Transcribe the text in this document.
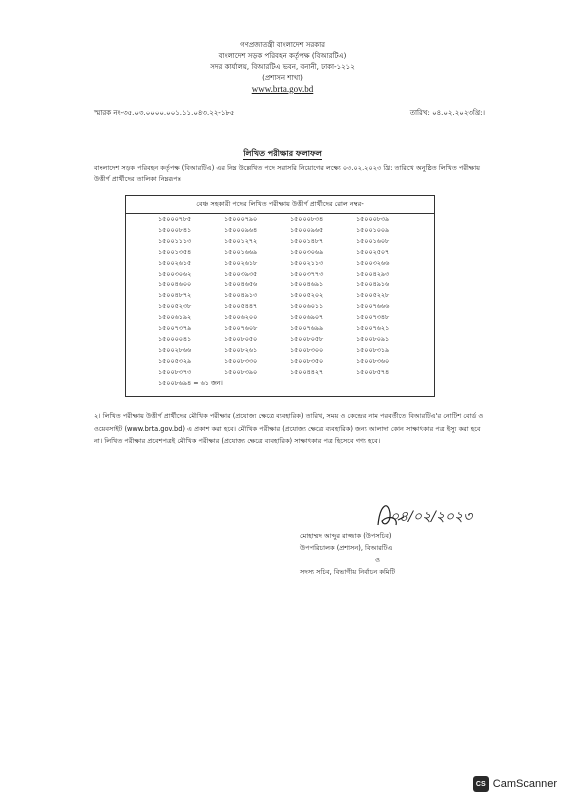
গণপ্রজাতন্ত্রী বাংলাদেশ সরকার
বাংলাদেশ সড়ক পরিবহন কর্তৃপক্ষ (বিআরটিএ)
সদর কার্যালয়, বিআরটিএ ভবন, বনানী, ঢাকা-১২১২
(প্রশাসন শাখা)
www.brta.gov.bd
স্মারক নং-৩৫.০৩.০০০০.০০১.১১.০৪৩.২২-১৮৫	তারিখ: ০৪.০২.২০২৩খ্রি:।
লিখিত পরীক্ষার ফলাফল
বাংলাদেশ সড়ক পরিবহন কর্তৃপক্ষ (বিআরটিএ) এর নিম্ন উল্লেখিত পদে সরাসরি নিয়োগের লক্ষ্যে ০৩.০২.২০২৩ খ্রি: তারিখে অনুষ্ঠিত লিখিত পরীক্ষায় উত্তীর্ণ প্রার্থীদের তালিকা নিম্নরূপঃ
বেঞ্চ সহকারী পদের লিখিত পরীক্ষায় উত্তীর্ণ প্রার্থীদের রোল নম্বর-
১৫০০০৭৮৫
১৫০০০৮৪১
১৫০০১১১৩
১৫০০১৩৫৪
১৫০০২৬১৫
১৫০০৩০৬২
১৫০০৪৬০০
১৫০০৪৮৭২
১৫০০৫২৩৮
১৫০০৬১৯২
১৫০০৭৩৭৯
১৫০০০০৪১
১৫০০২৮৬৬
১৫০০৫৩২৯
১৫০০৮৩৭৩
১৫০০৮৬৯৪ = ৬১ জন।
১৫০০০৭৯০
১৫০০০৯৬৪
১৫০০১২৭২
১৫০০১৬৬৯
১৫০০২৬১৮
১৫০০৩৯৩৫
১৫০০৪৬৫৬
১৫০০৪৯১৩
১৫০০৫৪৪৭
১৫০০৬২০০
১৫০০৭৬০৮
১৫০০৮০৫০
১৫০০৮২৬১
১৫০০৮৩৩০
১৫০০৮৩৯০
১৫০০০৮৩৪
১৫০০০৯৬৫
১৫০০১৪৮৭
১৫০০৩০৬৯
১৫০০২১১৩
১৫০০৩৭৭৩
১৫০০৪৬৯১
১৫০০৫২০২
১৫০০৬০১১
১৫০০৬৯০৭
১৫০০৭৬৯৯
১৫০০৮০৫৮
১৫০০৮৩০০
১৫০০৮৩৫০
১৫০০৪৪২৭
১৫০০০৮৩৯
১৫০০১০০৯
১৫০০১৬০৮
১৫০০২৫০৭
১৫০০৩২৬৬
১৫০০৪২৯৩
১৫০০৪৯১৬
১৫০০৫২২৮
১৫০০৭৬৬৬
১৫০০৭৩৪৮
১৫০০৭৬২১
১৫০০৮০৯১
১৫০০৮৩১৯
১৫০০৮৩৬০
১৫০০৮৫৭৪
২। লিখিত পরীক্ষায় উত্তীর্ণ প্রার্থীদের মৌখিক পরীক্ষার (প্রযোজ্য ক্ষেত্রে ব্যবহারিক) তারিখ, সময় ও কেন্দ্রের নাম পরবর্তীতে বিআরটিএ'র নোটিশ বোর্ড ও ওয়েবসাইট (www.brta.gov.bd) এ প্রকাশ করা হবে। মৌখিক পরীক্ষার (প্রযোজ্য ক্ষেত্রে ব্যবহারিক) জন্য আলাদা কোন সাক্ষাৎকার পত্র ইস্যু করা হবে না। লিখিত পরীক্ষার প্রবেশপত্রই মৌখিক পরীক্ষার (প্রযোজ্য ক্ষেত্রে ব্যবহারিক) সাক্ষাৎকার পত্র হিসেবে গণ্য হবে।
০৪/০২/২০২৩
মোহাম্মদ আব্দুর রাজ্জাক (উপসচিব)
উপপরিচালক (প্রশাসন), বিআরটিএ
ও
সদস্য সচিব, বিভাগীয় নির্বাচন কমিটি
CS CamScanner
